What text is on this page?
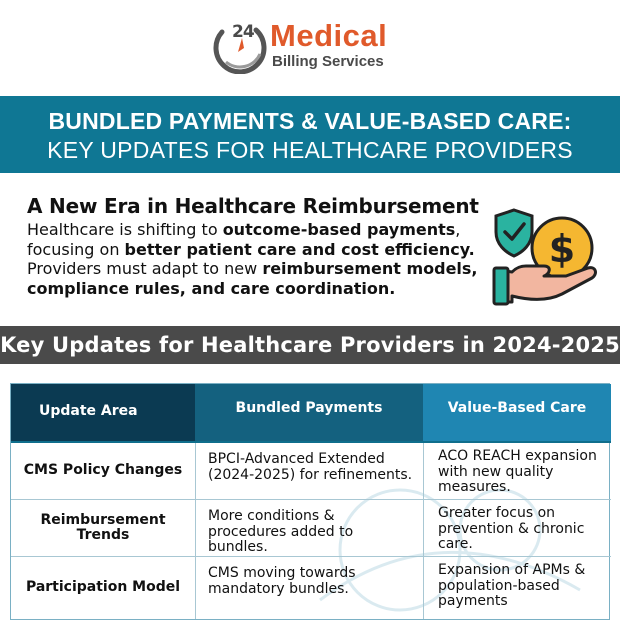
24 Medical
Billing Services
BUNDLED PAYMENTS & VALUE-BASED CARE:
KEY UPDATES FOR HEALTHCARE PROVIDERS
A New Era in Healthcare Reimbursement
Healthcare is shifting to outcome-based payments, focusing on better patient care and cost efficiency. Providers must adapt to new reimbursement models, compliance rules, and care coordination.
$
Key Updates for Healthcare Providers in 2024-2025
Update Area	Bundled Payments	Value-Based Care
CMS Policy Changes
BPCI-Advanced Extended (2024-2025) for refinements.
ACO REACH expansion with new quality measures.
Reimbursement Trends
More conditions & procedures added to bundles.
Greater focus on prevention & chronic care.
Participation Model
CMS moving towards mandatory bundles.
Expansion of APMs & population-based payments
